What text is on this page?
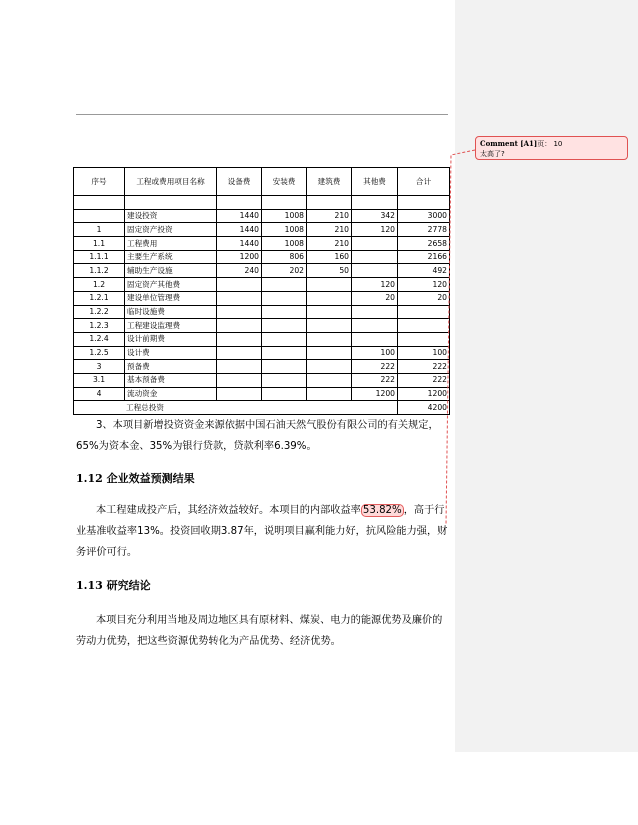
序号	工程或费用项目名称	设备费	安装费	建筑费	其他费	合计

	建设投资	1440	1008	210	342	3000
1	固定资产投资	1440	1008	210	120	2778
1.1	工程费用	1440	1008	210		2658
1.1.1	主要生产系统	1200	806	160		2166
1.1.2	辅助生产设施	240	202	50		492
1.2	固定资产其他费				120	120
1.2.1	建设单位管理费				20	20
1.2.2	临时设施费					
1.2.3	工程建设监理费					
1.2.4	设计前期费					
1.2.5	设计费				100	100
3	预备费				222	222
3.1	基本预备费				222	222
4	流动资金				1200	1200
工程总投资						4200
3、本项目新增投资资金来源依据中国石油天然气股份有限公司的有关规定，65%为资本金、35%为银行贷款，贷款利率6.39%。
1.12 企业效益预测结果
本工程建成投产后，其经济效益较好。本项目的内部收益率 53.82% ，高于行业基准收益率13%。投资回收期3.87年，说明项目赢利能力好，抗风险能力强，财务评价可行。
1.13 研究结论
本项目充分利用当地及周边地区具有原材料、煤炭、电力的能源优势及廉价的劳动力优势，把这些资源优势转化为产品优势、经济优势。
Comment [A1]页： 10
太高了?
